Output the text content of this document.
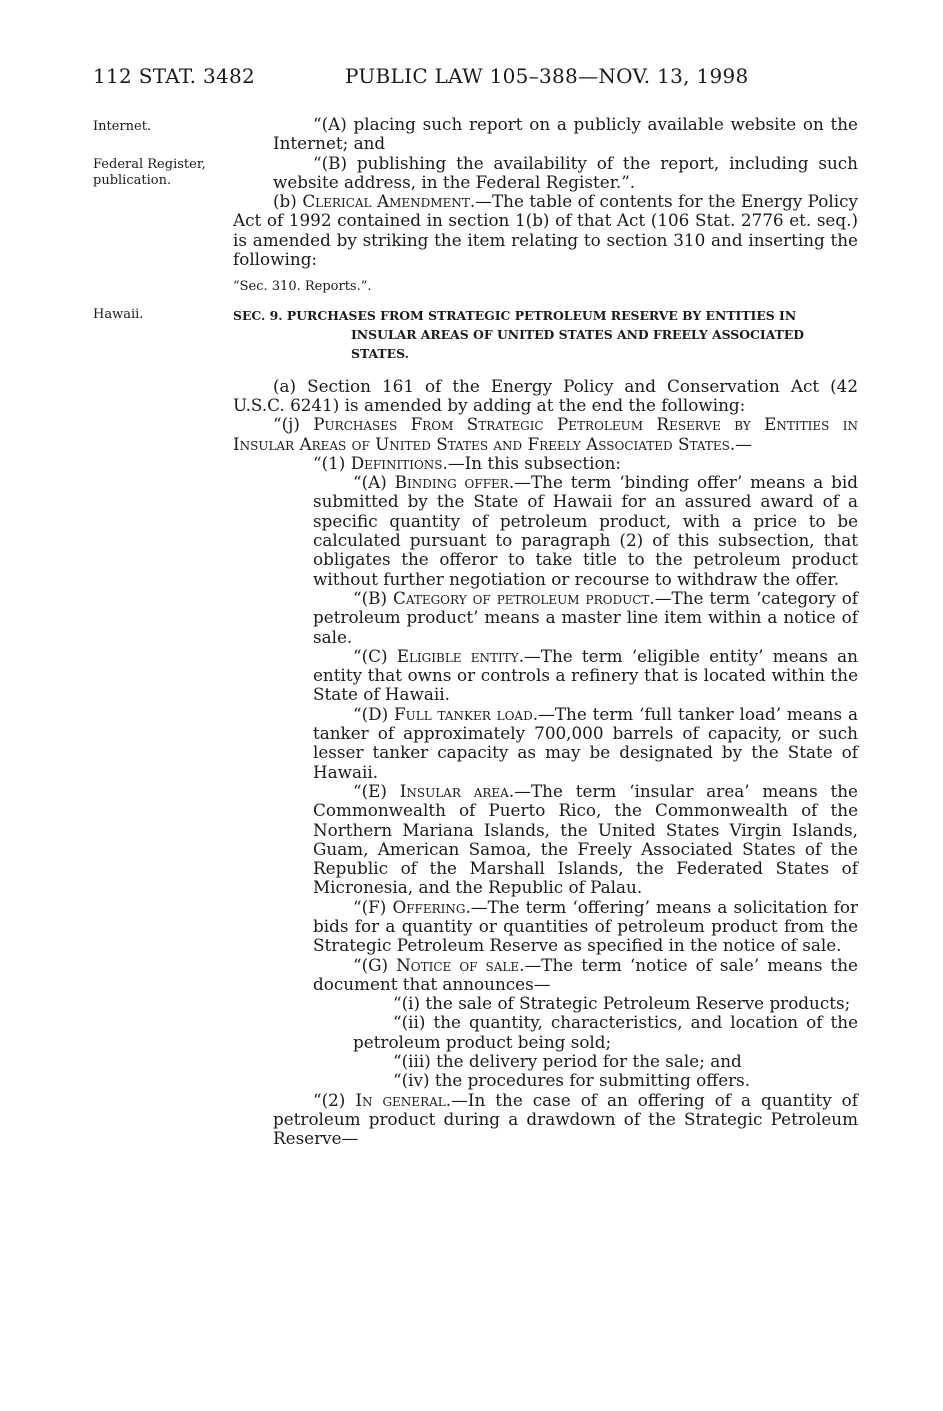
112 STAT. 3482	PUBLIC LAW 105–388—NOV. 13, 1998
Internet.
Federal Register,
publication.
Hawaii.

“(A) placing such report on a publicly available website on the Internet; and

“(B) publishing the availability of the report, including such website address, in the Federal Register.”.

(b) Clerical Amendment.—The table of contents for the Energy Policy Act of 1992 contained in section 1(b) of that Act (106 Stat. 2776 et. seq.) is amended by striking the item relating to section 310 and inserting the following:

“Sec. 310. Reports.”.

SEC. 9. PURCHASES FROM STRATEGIC PETROLEUM RESERVE BY ENTITIES IN INSULAR AREAS OF UNITED STATES AND FREELY ASSOCIATED STATES.

(a) Section 161 of the Energy Policy and Conservation Act (42 U.S.C. 6241) is amended by adding at the end the following:

“(j) Purchases From Strategic Petroleum Reserve by Entities in Insular Areas of United States and Freely Associated States.—

“(1) Definitions.—In this subsection:

“(A) Binding offer.—The term ‘binding offer’ means a bid submitted by the State of Hawaii for an assured award of a specific quantity of petroleum product, with a price to be calculated pursuant to paragraph (2) of this subsection, that obligates the offeror to take title to the petroleum product without further negotiation or recourse to withdraw the offer.

“(B) Category of petroleum product.—The term ‘category of petroleum product’ means a master line item within a notice of sale.

“(C) Eligible entity.—The term ‘eligible entity’ means an entity that owns or controls a refinery that is located within the State of Hawaii.

“(D) Full tanker load.—The term ‘full tanker load’ means a tanker of approximately 700,000 barrels of capacity, or such lesser tanker capacity as may be designated by the State of Hawaii.

“(E) Insular area.—The term ‘insular area’ means the Commonwealth of Puerto Rico, the Commonwealth of the Northern Mariana Islands, the United States Virgin Islands, Guam, American Samoa, the Freely Associated States of the Republic of the Marshall Islands, the Federated States of Micronesia, and the Republic of Palau.

“(F) Offering.—The term ‘offering’ means a solicitation for bids for a quantity or quantities of petroleum product from the Strategic Petroleum Reserve as specified in the notice of sale.

“(G) Notice of sale.—The term ‘notice of sale’ means the document that announces—

“(i) the sale of Strategic Petroleum Reserve products;

“(ii) the quantity, characteristics, and location of the petroleum product being sold;

“(iii) the delivery period for the sale; and

“(iv) the procedures for submitting offers.

“(2) In general.—In the case of an offering of a quantity of petroleum product during a drawdown of the Strategic Petroleum Reserve—
